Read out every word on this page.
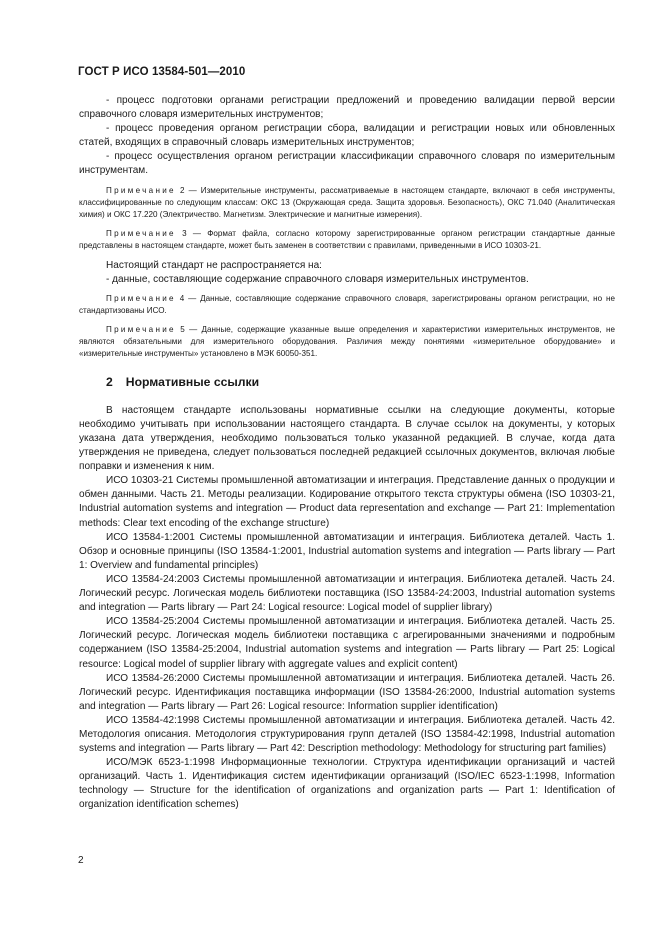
ГОСТ Р ИСО 13584-501—2010

- процесс подготовки органами регистрации предложений и проведению валидации первой версии справочного словаря измерительных инструментов;

- процесс проведения органом регистрации сбора, валидации и регистрации новых или обновленных статей, входящих в справочный словарь измерительных инструментов;

- процесс осуществления органом регистрации классификации справочного словаря по измерительным инструментам.

Примечание 2 — Измерительные инструменты, рассматриваемые в настоящем стандарте, включают в себя инструменты, классифицированные по следующим классам: ОКС 13 (Окружающая среда. Защита здоровья. Безопасность), ОКС 71.040 (Аналитическая химия) и ОКС 17.220 (Электричество. Магнетизм. Электрические и магнитные измерения).

Примечание 3 — Формат файла, согласно которому зарегистрированные органом регистрации стандартные данные представлены в настоящем стандарте, может быть заменен в соответствии с правилами, приведенными в ИСО 10303-21.

Настоящий стандарт не распространяется на:

- данные, составляющие содержание справочного словаря измерительных инструментов.

Примечание 4 — Данные, составляющие содержание справочного словаря, зарегистрированы органом регистрации, но не стандартизованы ИСО.

Примечание 5 — Данные, содержащие указанные выше определения и характеристики измерительных инструментов, не являются обязательными для измерительного оборудования. Различия между понятиями «измерительное оборудование» и «измерительные инструменты» установлено в МЭК 60050-351.

2 Нормативные ссылки

В настоящем стандарте использованы нормативные ссылки на следующие документы, которые необходимо учитывать при использовании настоящего стандарта. В случае ссылок на документы, у которых указана дата утверждения, необходимо пользоваться только указанной редакцией. В случае, когда дата утверждения не приведена, следует пользоваться последней редакцией ссылочных документов, включая любые поправки и изменения к ним.

ИСО 10303-21 Системы промышленной автоматизации и интеграция. Представление данных о продукции и обмен данными. Часть 21. Методы реализации. Кодирование открытого текста структуры обмена (ISO 10303-21, Industrial automation systems and integration — Product data representation and exchange — Part 21: Implementation methods: Clear text encoding of the exchange structure)

ИСО 13584-1:2001 Системы промышленной автоматизации и интеграция. Библиотека деталей. Часть 1. Обзор и основные принципы (ISO 13584-1:2001, Industrial automation systems and integration — Parts library — Part 1: Overview and fundamental principles)

ИСО 13584-24:2003 Системы промышленной автоматизации и интеграция. Библиотека деталей. Часть 24. Логический ресурс. Логическая модель библиотеки поставщика (ISO 13584-24:2003, Industrial automation systems and integration — Parts library — Part 24: Logical resource: Logical model of supplier library)

ИСО 13584-25:2004 Системы промышленной автоматизации и интеграция. Библиотека деталей. Часть 25. Логический ресурс. Логическая модель библиотеки поставщика с агрегированными значениями и подробным содержанием (ISO 13584-25:2004, Industrial automation systems and integration — Parts library — Part 25: Logical resource: Logical model of supplier library with aggregate values and explicit content)

ИСО 13584-26:2000 Системы промышленной автоматизации и интеграция. Библиотека деталей. Часть 26. Логический ресурс. Идентификация поставщика информации (ISO 13584-26:2000, Industrial automation systems and integration — Parts library — Part 26: Logical resource: Information supplier identification)

ИСО 13584-42:1998 Системы промышленной автоматизации и интеграция. Библиотека деталей. Часть 42. Методология описания. Методология структурирования групп деталей (ISO 13584-42:1998, Industrial automation systems and integration — Parts library — Part 42: Description methodology: Methodology for structuring part families)

ИСО/МЭК 6523-1:1998 Информационные технологии. Структура идентификации организаций и частей организаций. Часть 1. Идентификация систем идентификации организаций (ISO/IEC 6523-1:1998, Information technology — Structure for the identification of organizations and organization parts — Part 1: Identification of organization identification schemes)

2
